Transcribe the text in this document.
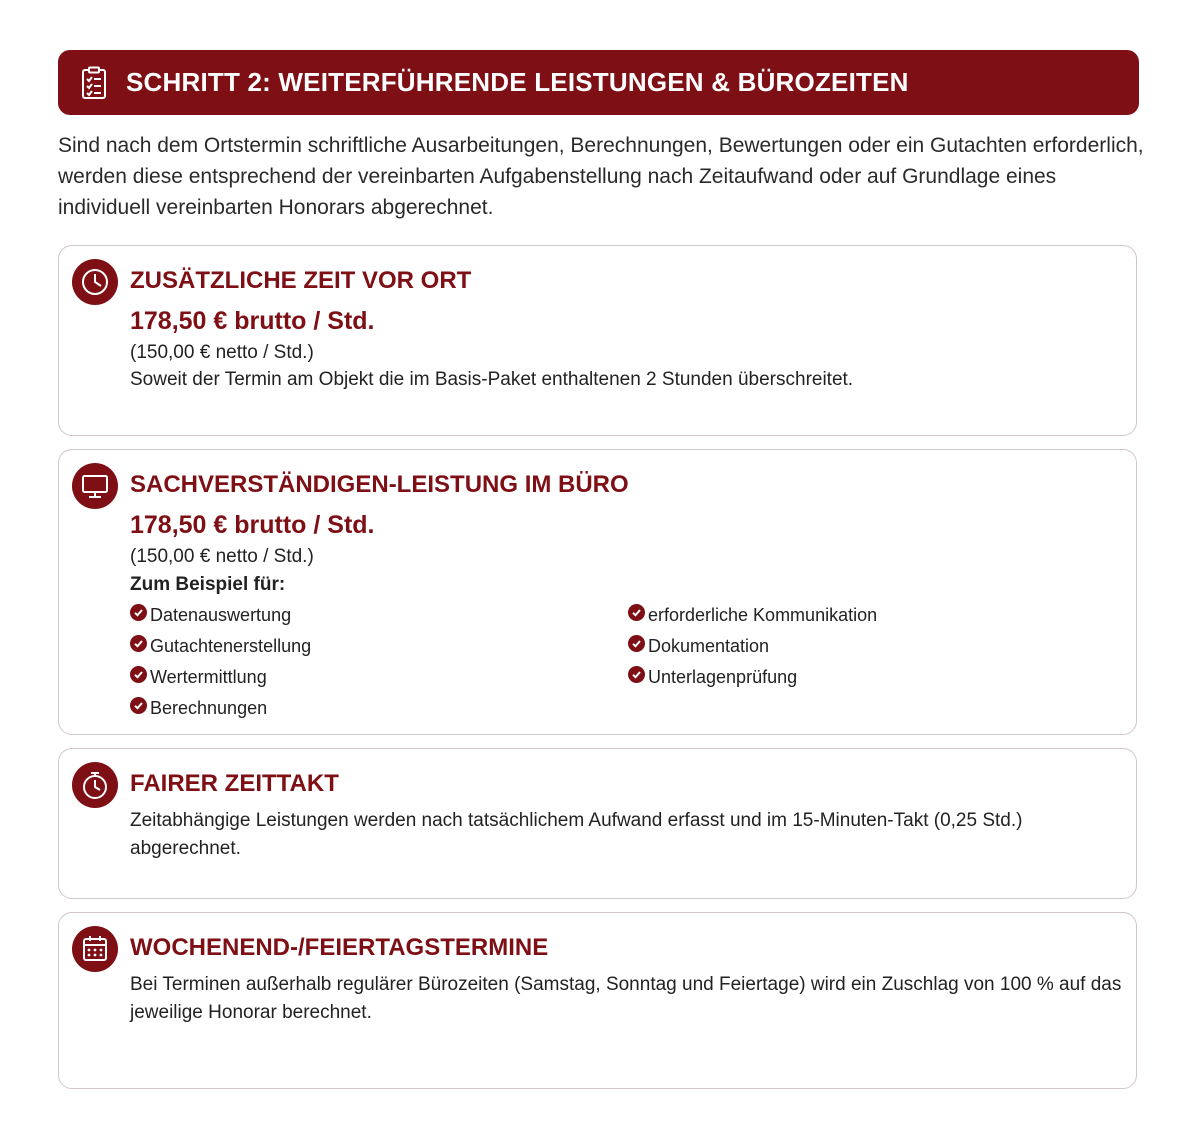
SCHRITT 2: WEITERFÜHRENDE LEISTUNGEN & BÜROZEITEN

Sind nach dem Ortstermin schriftliche Ausarbeitungen, Berechnungen, Bewertungen oder ein Gutachten erforderlich, werden diese entsprechend der vereinbarten Aufgabenstellung nach Zeitaufwand oder auf Grundlage eines individuell vereinbarten Honorars abgerechnet.

ZUSÄTZLICHE ZEIT VOR ORT
178,50 € brutto / Std.
(150,00 € netto / Std.)
Soweit der Termin am Objekt die im Basis-Paket enthaltenen 2 Stunden überschreitet.
SACHVERSTÄNDIGEN-LEISTUNG IM BÜRO
178,50 € brutto / Std.
(150,00 € netto / Std.)
Zum Beispiel für:
Datenauswertung
Gutachtenerstellung
Wertermittlung
Berechnungen
erforderliche Kommunikation
Dokumentation
Unterlagenprüfung
FAIRER ZEITTAKT
Zeitabhängige Leistungen werden nach tatsächlichem Aufwand erfasst und im 15-Minuten-Takt (0,25 Std.) abgerechnet.
WOCHENEND-/FEIERTAGSTERMINE
Bei Terminen außerhalb regulärer Bürozeiten (Samstag, Sonntag und Feiertage) wird ein Zuschlag von 100 % auf das jeweilige Honorar berechnet.
